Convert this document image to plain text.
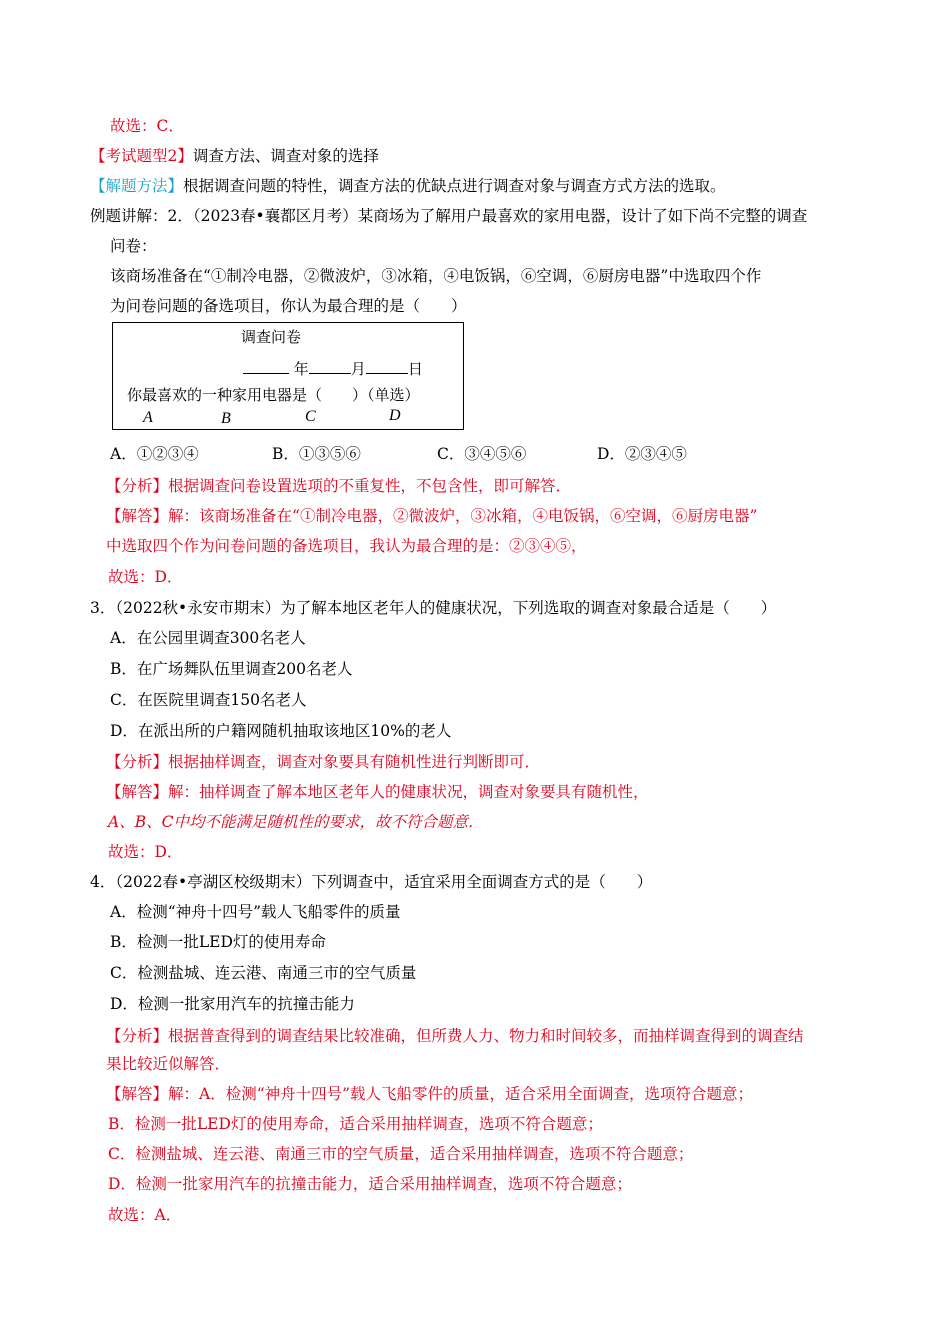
故选：C．
【考试题型2】调查方法、调查对象的选择
【解题方法】根据调查问题的特性，调查方法的优缺点进行调查对象与调查方式方法的选取。
例题讲解：2．（2023春•襄都区月考）某商场为了解用户最喜欢的家用电器，设计了如下尚不完整的调查
问卷：
该商场准备在“①制冷电器，②微波炉，③冰箱，④电饭锅，⑥空调，⑥厨房电器”中选取四个作
为问卷问题的备选项目，你认为最合理的是（　　）
调查问卷
年	月	日
你最喜欢的一种家用电器是（　　）（单选）
A	B	C	D
A．①②③④	B．①③⑤⑥	C．③④⑤⑥	D．②③④⑤
【分析】根据调查问卷设置选项的不重复性，不包含性，即可解答．
【解答】解：该商场准备在“①制冷电器，②微波炉，③冰箱，④电饭锅，⑥空调，⑥厨房电器”
中选取四个作为问卷问题的备选项目，我认为最合理的是：②③④⑤，
故选：D．
3．（2022秋•永安市期末）为了解本地区老年人的健康状况，下列选取的调查对象最合适是（　　）
A．在公园里调查300名老人
B．在广场舞队伍里调查200名老人
C．在医院里调查150名老人
D．在派出所的户籍网随机抽取该地区10%的老人
【分析】根据抽样调查，调查对象要具有随机性进行判断即可．
【解答】解：抽样调查了解本地区老年人的健康状况，调查对象要具有随机性，
A、B、C中均不能满足随机性的要求，故不符合题意．
故选：D．
4．（2022春•亭湖区校级期末）下列调查中，适宜采用全面调查方式的是（　　）
A．检测“神舟十四号”载人飞船零件的质量
B．检测一批LED灯的使用寿命
C．检测盐城、连云港、南通三市的空气质量
D．检测一批家用汽车的抗撞击能力
【分析】根据普查得到的调查结果比较准确，但所费人力、物力和时间较多，而抽样调查得到的调查结
果比较近似解答．
【解答】解：A．检测“神舟十四号”载人飞船零件的质量，适合采用全面调查，选项符合题意；
B．检测一批LED灯的使用寿命，适合采用抽样调查，选项不符合题意；
C．检测盐城、连云港、南通三市的空气质量，适合采用抽样调查，选项不符合题意；
D．检测一批家用汽车的抗撞击能力，适合采用抽样调查，选项不符合题意；
故选：A．
